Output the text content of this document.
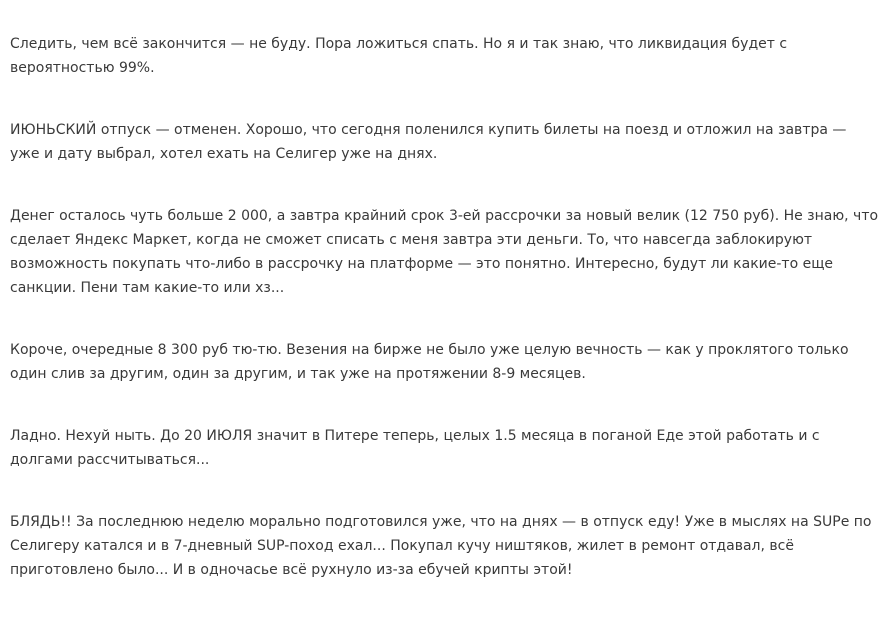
Следить, чем всё закончится — не буду. Пора ложиться спать. Но я и так знаю, что ликвидация будет с
вероятностью 99%.

ИЮНЬСКИЙ отпуск — отменен. Хорошо, что сегодня поленился купить билеты на поезд и отложил на завтра —
уже и дату выбрал, хотел ехать на Селигер уже на днях.

Денег осталось чуть больше 2 000, а завтра крайний срок 3-ей рассрочки за новый велик (12 750 руб). Не знаю, что
сделает Яндекс Маркет, когда не сможет списать с меня завтра эти деньги. То, что навсегда заблокируют
возможность покупать что-либо в рассрочку на платформе — это понятно. Интересно, будут ли какие-то еще
санкции. Пени там какие-то или хз...

Короче, очередные 8 300 руб тю-тю. Везения на бирже не было уже целую вечность — как у проклятого только
один слив за другим, один за другим, и так уже на протяжении 8-9 месяцев.

Ладно. Нехуй ныть. До 20 ИЮЛЯ значит в Питере теперь, целых 1.5 месяца в поганой Еде этой работать и с
долгами рассчитываться...

БЛЯДЬ!! За последнюю неделю морально подготовился уже, что на днях — в отпуск еду! Уже в мыслях на SUPе по
Селигеру катался и в 7-дневный SUP-поход ехал... Покупал кучу ништяков, жилет в ремонт отдавал, всё
приготовлено было... И в одночасье всё рухнуло из-за ебучей крипты этой!
